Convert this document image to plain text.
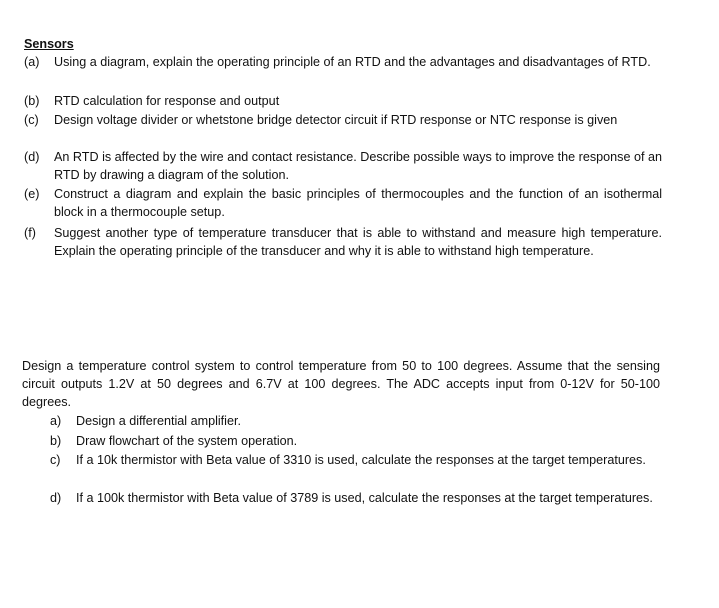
Sensors
(a)	Using a diagram, explain the operating principle of an RTD and the advantages and disadvantages of RTD.
(b)	RTD calculation for response and output
(c)	Design voltage divider or whetstone bridge detector circuit if RTD response or NTC response is given
(d)	An RTD is affected by the wire and contact resistance. Describe possible ways to improve the response of an RTD by drawing a diagram of the solution.
(e)	Construct a diagram and explain the basic principles of thermocouples and the function of an isothermal block in a thermocouple setup.
(f)	Suggest another type of temperature transducer that is able to withstand and measure high temperature. Explain the operating principle of the transducer and why it is able to withstand high temperature.
Design a temperature control system to control temperature from 50 to 100 degrees. Assume that the sensing circuit outputs 1.2V at 50 degrees and 6.7V at 100 degrees. The ADC accepts input from 0-12V for 50-100 degrees.
a)	Design a differential amplifier.
b)	Draw flowchart of the system operation.
c)	If a 10k thermistor with Beta value of 3310 is used, calculate the responses at the target temperatures.
d)	If a 100k thermistor with Beta value of 3789 is used, calculate the responses at the target temperatures.
